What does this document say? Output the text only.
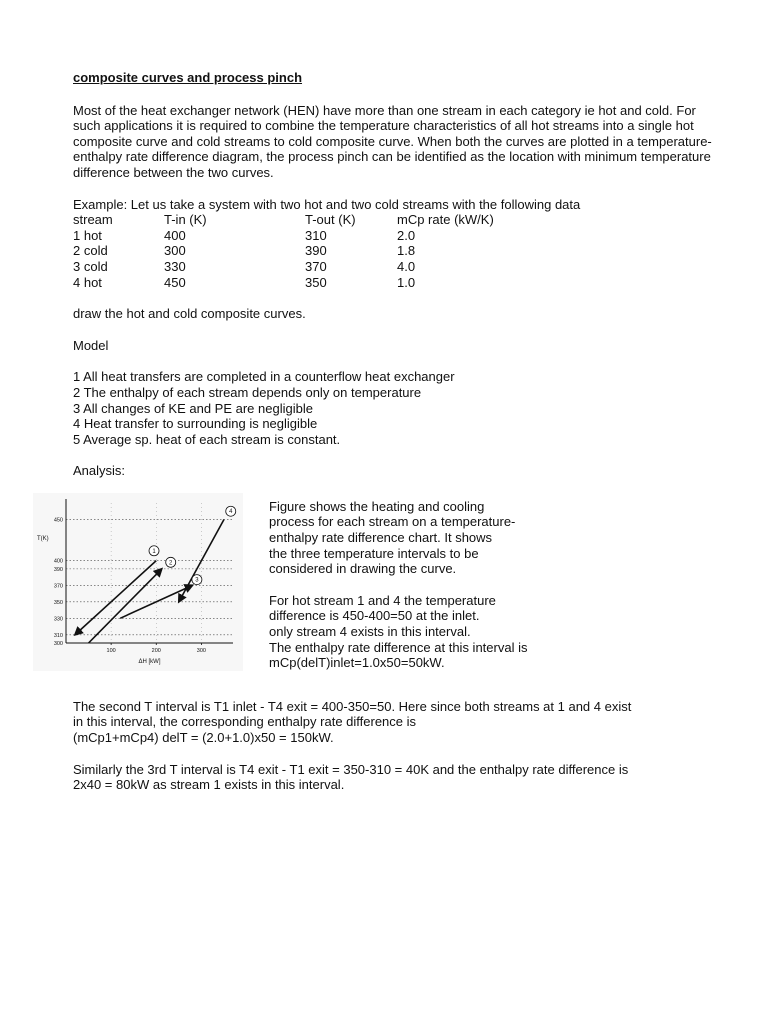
composite curves and process pinch

Most of the heat exchanger network (HEN) have more than one stream in each category ie hot and cold. For such applications it is required to combine the temperature characteristics of all hot streams into a single hot composite curve and cold streams to cold composite curve. When both the curves are plotted in a temperature-enthalpy rate difference diagram, the process pinch can be identified as the location with minimum temperature difference between the two curves.

Example: Let us take a system with two hot and two cold streams with the following data

stream	T-in (K)	T-out (K)	mCp rate (kW/K)
1 hot	400	310	2.0
2 cold	300	390	1.8
3 cold	330	370	4.0
4 hot	450	350	1.0

draw the hot and cold composite curves.

Model

1 All heat transfers are completed in a counterflow heat exchanger

2 The enthalpy of each stream depends only on temperature

3 All changes of KE and PE are negligible

4 Heat transfer to surrounding is negligible

5 Average sp. heat of each stream is constant.

Analysis:

450
400
390
370
350
330
310
300
100	200	300
T(K)
ΔH [kW]
1
2
3
4	Figure shows the heating and cooling

process for each stream on a temperature-

enthalpy rate difference chart. It shows

the three temperature intervals to be

considered in drawing the curve.

For hot stream 1 and 4 the temperature

difference is 450-400=50 at the inlet.

only stream 4 exists in this interval.

The enthalpy rate difference at this interval is

mCp(delT)inlet=1.0x50=50kW.

The second T interval is T1 inlet - T4 exit = 400-350=50. Here since both streams at 1 and 4 exist

in this interval, the corresponding enthalpy rate difference is

(mCp1+mCp4) delT = (2.0+1.0)x50 = 150kW.

Similarly the 3rd T interval is T4 exit - T1 exit = 350-310 = 40K and the enthalpy rate difference is

2x40 = 80kW as stream 1 exists in this interval.
